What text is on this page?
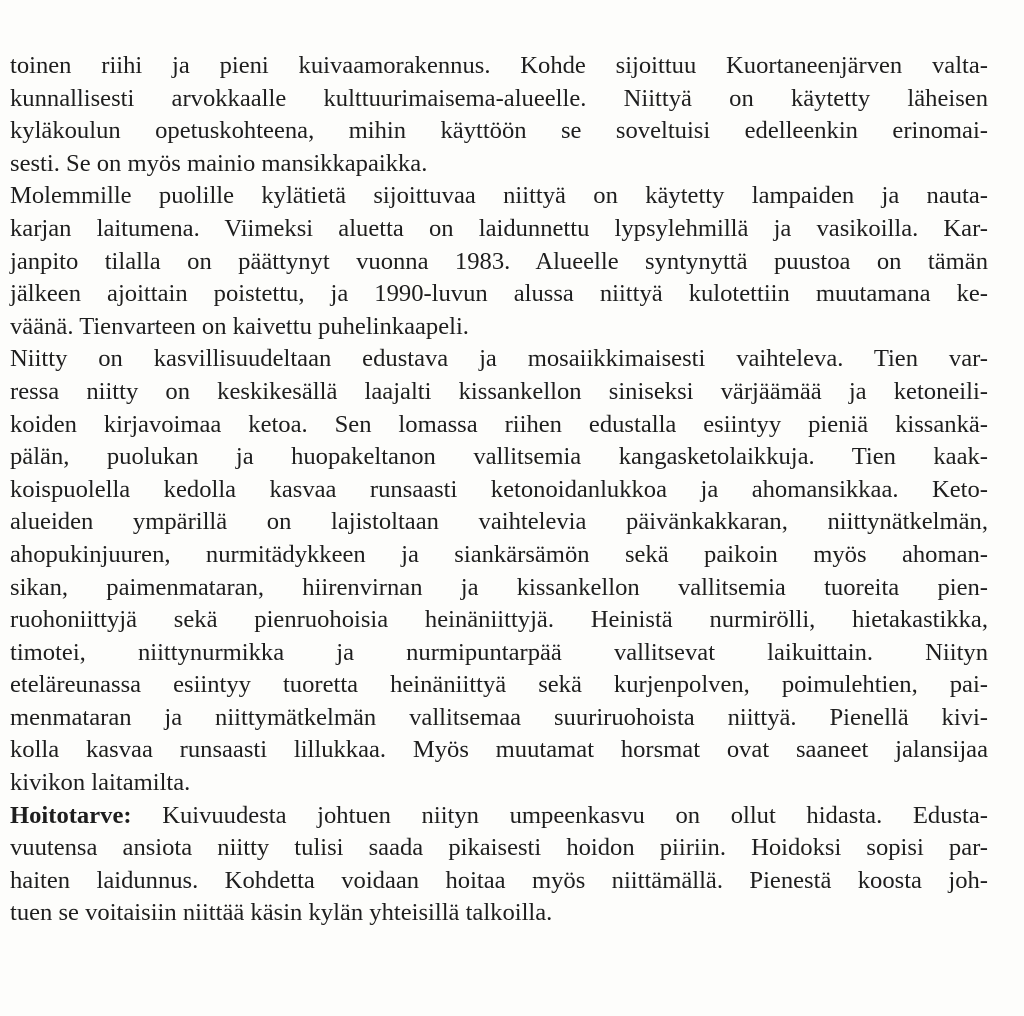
toinen riihi ja pieni kuivaamorakennus. Kohde sijoittuu Kuortaneenjärven valta-
kunnallisesti arvokkaalle kulttuurimaisema-alueelle. Niittyä on käytetty läheisen
kyläkoulun opetuskohteena, mihin käyttöön se soveltuisi edelleenkin erinomai-
sesti. Se on myös mainio mansikkapaikka.
Molemmille puolille kylätietä sijoittuvaa niittyä on käytetty lampaiden ja nauta-
karjan laitumena. Viimeksi aluetta on laidunnettu lypsylehmillä ja vasikoilla. Kar-
janpito tilalla on päättynyt vuonna 1983. Alueelle syntynyttä puustoa on tämän
jälkeen ajoittain poistettu, ja 1990-luvun alussa niittyä kulotettiin muutamana ke-
väänä. Tienvarteen on kaivettu puhelinkaapeli.
Niitty on kasvillisuudeltaan edustava ja mosaiikkimaisesti vaihteleva. Tien var-
ressa niitty on keskikesällä laajalti kissankellon siniseksi värjäämää ja ketoneili-
koiden kirjavoimaa ketoa. Sen lomassa riihen edustalla esiintyy pieniä kissankä-
pälän, puolukan ja huopakeltanon vallitsemia kangasketolaikkuja. Tien kaak-
koispuolella kedolla kasvaa runsaasti ketonoidanlukkoa ja ahomansikkaa. Keto-
alueiden ympärillä on lajistoltaan vaihtelevia päivänkakkaran, niittynätkelmän,
ahopukinjuuren, nurmitädykkeen ja siankärsämön sekä paikoin myös ahoman-
sikan, paimenmataran, hiirenvirnan ja kissankellon vallitsemia tuoreita pien-
ruohoniittyjä sekä pienruohoisia heinäniittyjä. Heinistä nurmirölli, hietakastikka,
timotei, niittynurmikka ja nurmipuntarpää vallitsevat laikuittain. Niityn
eteläreunassa esiintyy tuoretta heinäniittyä sekä kurjenpolven, poimulehtien, pai-
menmataran ja niittymätkelmän vallitsemaa suuriruohoista niittyä. Pienellä kivi-
kolla kasvaa runsaasti lillukkaa. Myös muutamat horsmat ovat saaneet jalansijaa
kivikon laitamilta.
Hoitotarve: Kuivuudesta johtuen niityn umpeenkasvu on ollut hidasta. Edusta-
vuutensa ansiota niitty tulisi saada pikaisesti hoidon piiriin. Hoidoksi sopisi par-
haiten laidunnus. Kohdetta voidaan hoitaa myös niittämällä. Pienestä koosta joh-
tuen se voitaisiin niittää käsin kylän yhteisillä talkoilla.
